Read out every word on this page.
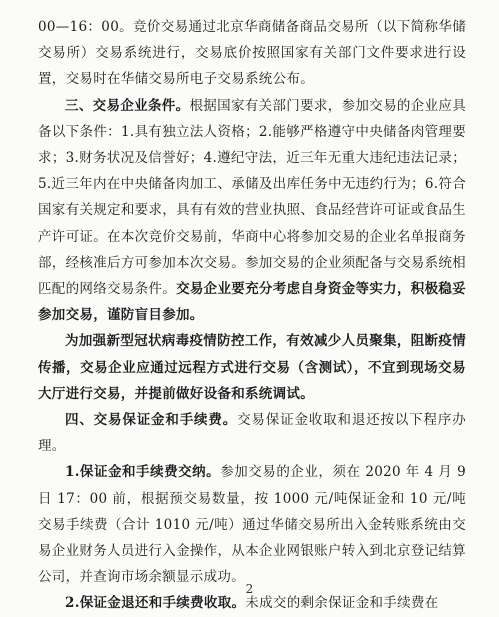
00—16：00。竞价交易通过北京华商储备商品交易所（以下简称华储交易所）交易系统进行，交易底价按照国家有关部门文件要求进行设置，交易时在华储交易所电子交易系统公布。

三、交易企业条件。根据国家有关部门要求，参加交易的企业应具备以下条件：1.具有独立法人资格；2.能够严格遵守中央储备肉管理要求；3.财务状况及信誉好；4.遵纪守法，近三年无重大违纪违法记录；5.近三年内在中央储备肉加工、承储及出库任务中无违约行为；6.符合国家有关规定和要求，具有有效的营业执照、食品经营许可证或食品生产许可证。在本次竞价交易前，华商中心将参加交易的企业名单报商务部，经核准后方可参加本次交易。参加交易的企业须配备与交易系统相匹配的网络交易条件。交易企业要充分考虑自身资金等实力，积极稳妥参加交易，谨防盲目参加。

为加强新型冠状病毒疫情防控工作，有效减少人员聚集，阻断疫情传播，交易企业应通过远程方式进行交易（含测试），不宜到现场交易大厅进行交易，并提前做好设备和系统调试。

四、交易保证金和手续费。交易保证金收取和退还按以下程序办理。

1.保证金和手续费交纳。参加交易的企业，须在 2020 年 4 月 9 日 17：00 前，根据预交易数量，按 1000 元/吨保证金和 10 元/吨交易手续费（合计 1010 元/吨）通过华储交易所出入金转账系统由交易企业财务人员进行入金操作，从本企业网银账户转入到北京登记结算公司，并查询市场余额显示成功。

2.保证金退还和手续费收取。未成交的剩余保证金和手续费在

2
